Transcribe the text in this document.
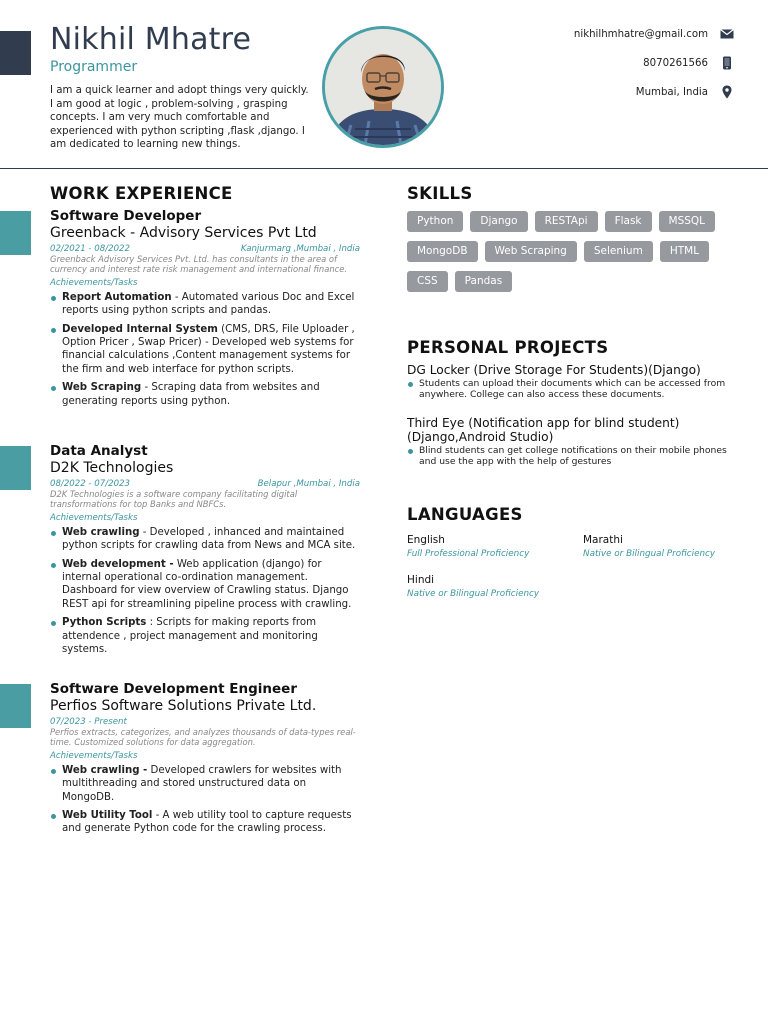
Nikhil Mhatre
Programmer
I am a quick learner and adopt things very quickly. I am good at logic , problem-solving , grasping concepts. I am very much comfortable and experienced with python scripting ,flask ,django. I am dedicated to learning new things.
nikhilhmhatre@gmail.com
8070261566
Mumbai, India
WORK EXPERIENCE
Software Developer
Greenback - Advisory Services Pvt Ltd
02/2021 - 08/2022	Kanjurmarg ,Mumbai , India
Greenback Advisory Services Pvt. Ltd. has consultants in the area of currency and interest rate risk management and international finance.
Achievements/Tasks
Report Automation - Automated various Doc and Excel reports using python scripts and pandas.
Developed Internal System (CMS, DRS, File Uploader , Option Pricer , Swap Pricer) - Developed web systems for financial calculations ,Content management systems for the firm and web interface for python scripts.
Web Scraping - Scraping data from websites and generating reports using python.
Data Analyst
D2K Technologies
08/2022 - 07/2023	Belapur ,Mumbai , India
D2K Technologies is a software company facilitating digital transformations for top Banks and NBFCs.
Achievements/Tasks
Web crawling - Developed , inhanced and maintained python scripts for crawling data from News and MCA site.
Web development - Web application (django) for internal operational co-ordination management. Dashboard for view overview of Crawling status. Django REST api for streamlining pipeline process with crawling.
Python Scripts : Scripts for making reports from attendence , project management and monitoring systems.
Software Development Engineer
Perfios Software Solutions Private Ltd.
07/2023 - Present
Perfios extracts, categorizes, and analyzes thousands of data-types real-time. Customized solutions for data aggregation.
Achievements/Tasks
Web crawling - Developed crawlers for websites with multithreading and stored unstructured data on MongoDB.
Web Utility Tool - A web utility tool to capture requests and generate Python code for the crawling process.
SKILLS
Python	Django	RESTApi	Flask	MSSQL
MongoDB	Web Scraping	Selenium	HTML
CSS	Pandas
PERSONAL PROJECTS
DG Locker (Drive Storage For Students)(Django)
Students can upload their documents which can be accessed from anywhere. College can also access these documents.
Third Eye (Notification app for blind student) (Django,Android Studio)
Blind students can get college notifications on their mobile phones and use the app with the help of gestures
LANGUAGES
English
Full Professional Proficiency
Marathi
Native or Bilingual Proficiency
Hindi
Native or Bilingual Proficiency
